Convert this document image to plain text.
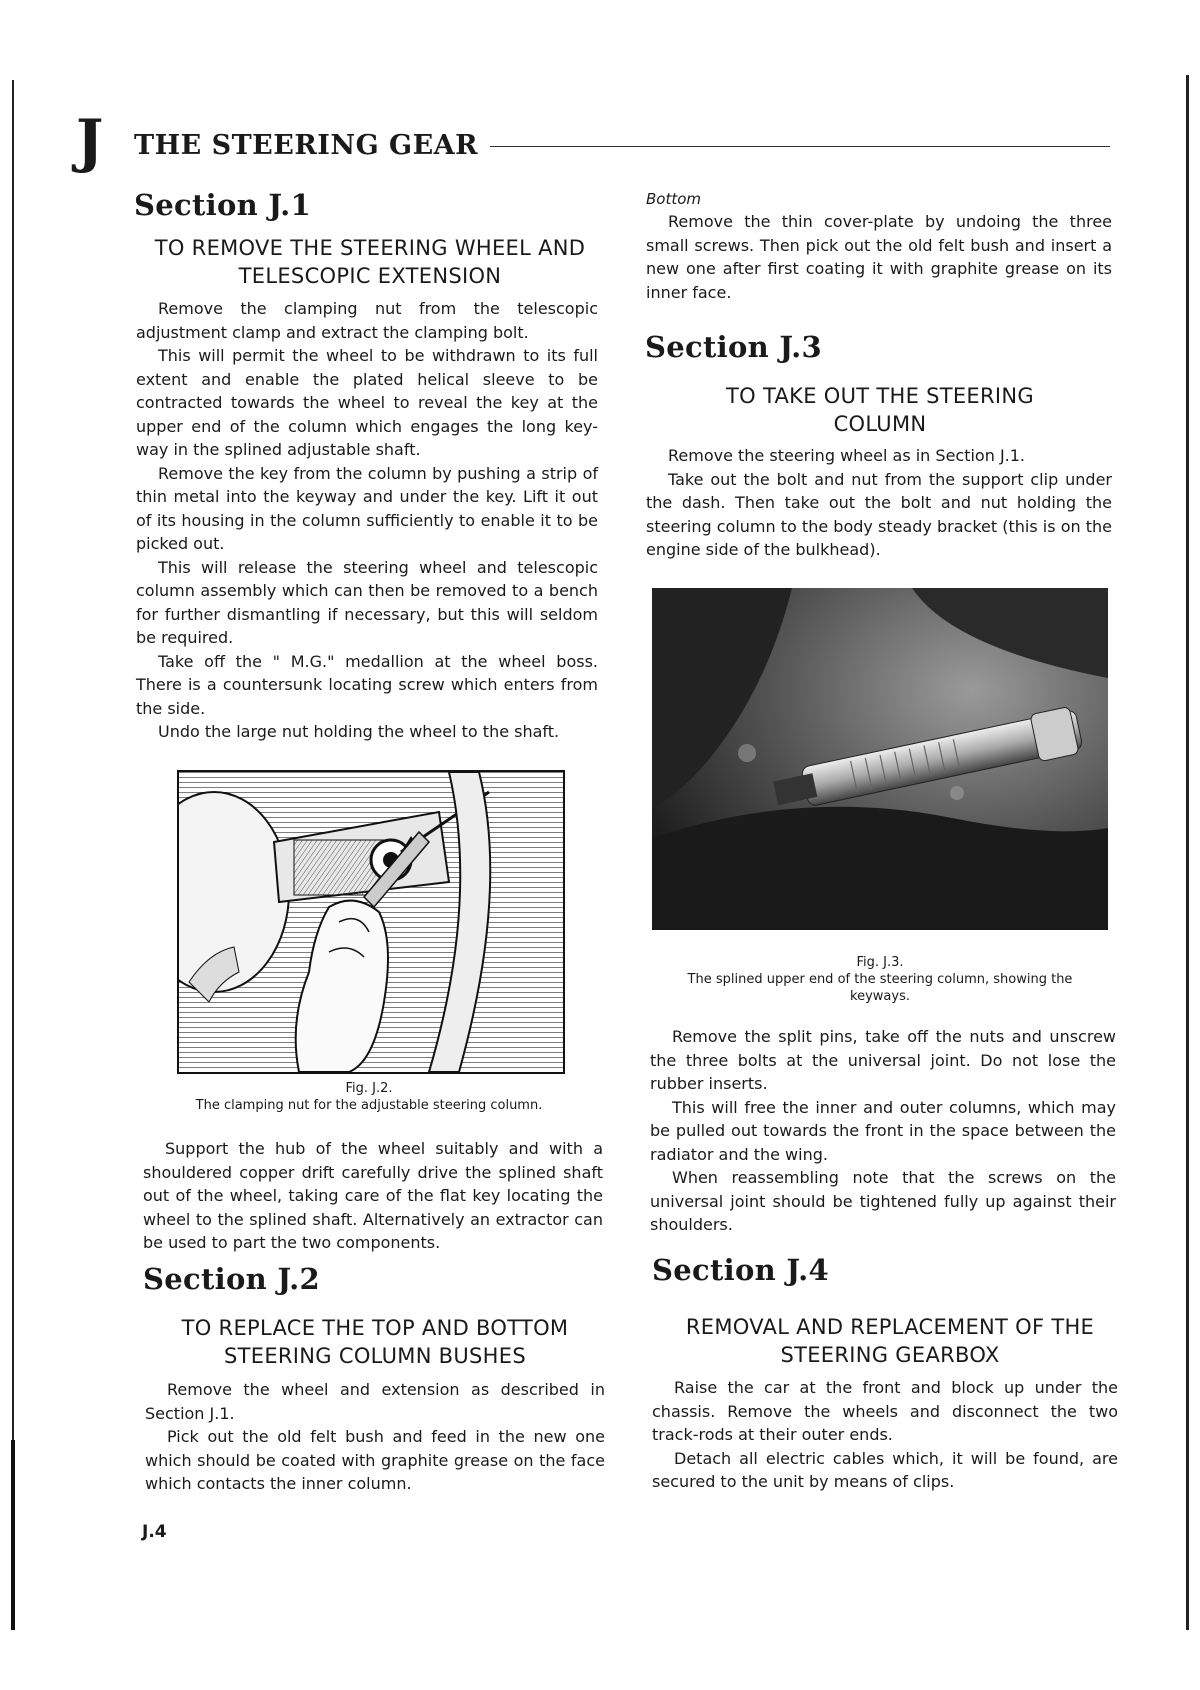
J THE STEERING GEAR
Section J.1
TO REMOVE THE STEERING WHEEL AND TELESCOPIC EXTENSION

Remove the clamping nut from the telescopic adjustment clamp and extract the clamping bolt.

This will permit the wheel to be withdrawn to its full extent and enable the plated helical sleeve to be contracted towards the wheel to reveal the key at the upper end of the column which engages the long key-way in the splined adjustable shaft.

Remove the key from the column by pushing a strip of thin metal into the keyway and under the key. Lift it out of its housing in the column sufficiently to enable it to be picked out.

This will release the steering wheel and telescopic column assembly which can then be removed to a bench for further dismantling if necessary, but this will seldom be required.

Take off the " M.G." medallion at the wheel boss. There is a countersunk locating screw which enters from the side.

Undo the large nut holding the wheel to the shaft.

Fig. J.2.
The clamping nut for the adjustable steering column.

Support the hub of the wheel suitably and with a shouldered copper drift carefully drive the splined shaft out of the wheel, taking care of the flat key locating the wheel to the splined shaft. Alternatively an extractor can be used to part the two components.

Section J.2
TO REPLACE THE TOP AND BOTTOM STEERING COLUMN BUSHES

Remove the wheel and extension as described in Section J.1.

Pick out the old felt bush and feed in the new one which should be coated with graphite grease on the face which contacts the inner column.

J.4
Bottom

Remove the thin cover-plate by undoing the three small screws. Then pick out the old felt bush and insert a new one after first coating it with graphite grease on its inner face.

Section J.3
TO TAKE OUT THE STEERING COLUMN

Remove the steering wheel as in Section J.1.

Take out the bolt and nut from the support clip under the dash. Then take out the bolt and nut holding the steering column to the body steady bracket (this is on the engine side of the bulkhead).

Fig. J.3.
The splined upper end of the steering column, showing the keyways.

Remove the split pins, take off the nuts and unscrew the three bolts at the universal joint. Do not lose the rubber inserts.

This will free the inner and outer columns, which may be pulled out towards the front in the space between the radiator and the wing.

When reassembling note that the screws on the universal joint should be tightened fully up against their shoulders.

Section J.4
REMOVAL AND REPLACEMENT OF THE STEERING GEARBOX

Raise the car at the front and block up under the chassis. Remove the wheels and disconnect the two track-rods at their outer ends.

Detach all electric cables which, it will be found, are secured to the unit by means of clips.
